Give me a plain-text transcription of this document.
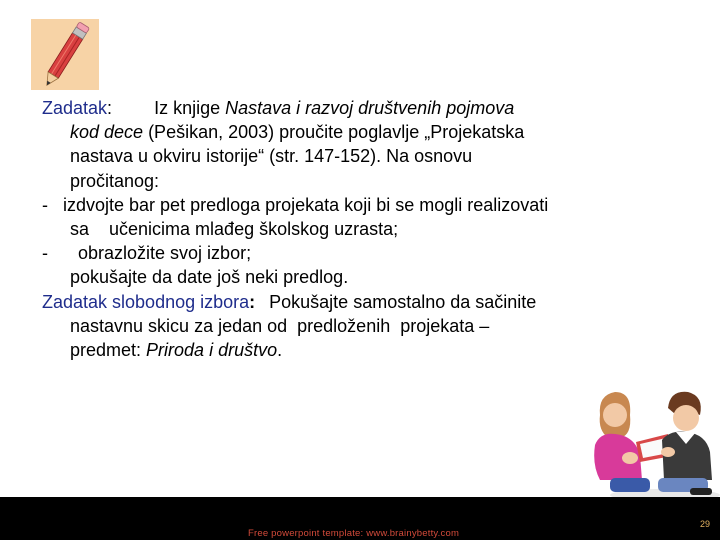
Zadatak: Iz knjige Nastava i razvoj društvenih pojmova
kod dece (Pešikan, 2003) proučite poglavlje „Projekatska
nastava u okviru istorije“ (str. 147-152). Na osnovu
pročitanog:
- izdvojte bar pet predloga projekata koji bi se mogli realizovati
sa    učenicima mlađeg školskog uzrasta;
- obrazložite svoj izbor;
pokušajte da date još neki predlog.
Zadatak slobodnog izbora: Pokušajte samostalno da sačinite
nastavnu skicu za jedan od  predloženih  projekata –
predmet: Priroda i društvo.
Free powerpoint template: www.brainybetty.com
29
